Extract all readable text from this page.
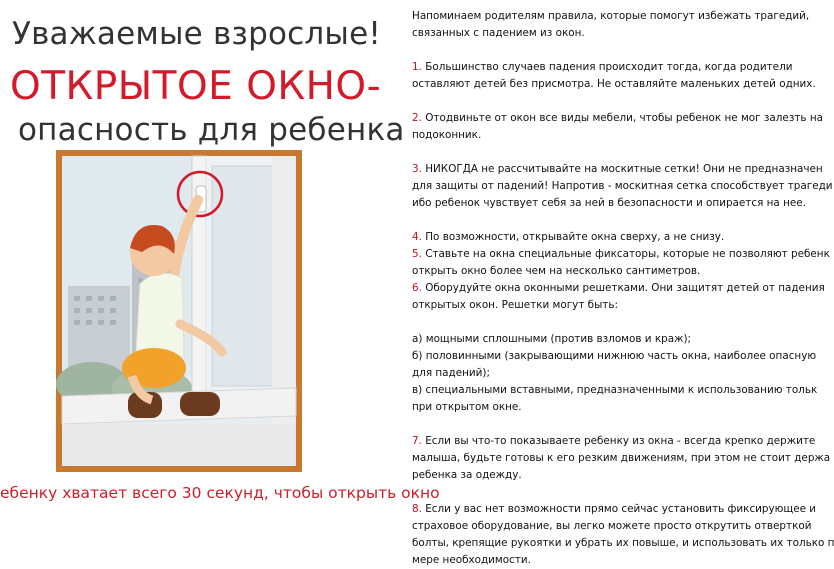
Уважаемые взрослые!
ОТКРЫТОЕ ОКНО-
опасность для ребенка
ебенку хватает всего 30 секунд, чтобы открыть окно
Напоминаем родителям правила, которые помогут избежать трагедий,
связанных с падением из окон.
1. Большинство случаев падения происходит тогда, когда родители
оставляют детей без присмотра. Не оставляйте маленьких детей одних.
2. Отодвиньте от окон все виды мебели, чтобы ребенок не мог залезть на
подоконник.
3. НИКОГДА не рассчитывайте на москитные сетки! Они не предназначен
для защиты от падений! Напротив - москитная сетка способствует трагеди
ибо ребенок чувствует себя за ней в безопасности и опирается на нее.
4. По возможности, открывайте окна сверху, а не снизу.
5. Ставьте на окна специальные фиксаторы, которые не позволяют ребенк
открыть окно более чем на несколько сантиметров.
6. Оборудуйте окна оконными решетками. Они защитят детей от падения
открытых окон. Решетки могут быть:
а) мощными сплошными (против взломов и краж);
б) половинными (закрывающими нижнюю часть окна, наиболее опасную
для падений);
в) специальными вставными, предназначенными к использованию тольк
при открытом окне.
7. Если вы что-то показываете ребенку из окна - всегда крепко держите
малыша, будьте готовы к его резким движениям, при этом не стоит держа
ребенка за одежду.
8. Если у вас нет возможности прямо сейчас установить фиксирующее и
страховое оборудование, вы легко можете просто открутить отверткой
болты, крепящие рукоятки и убрать их повыше, и использовать их только п
мере необходимости.
